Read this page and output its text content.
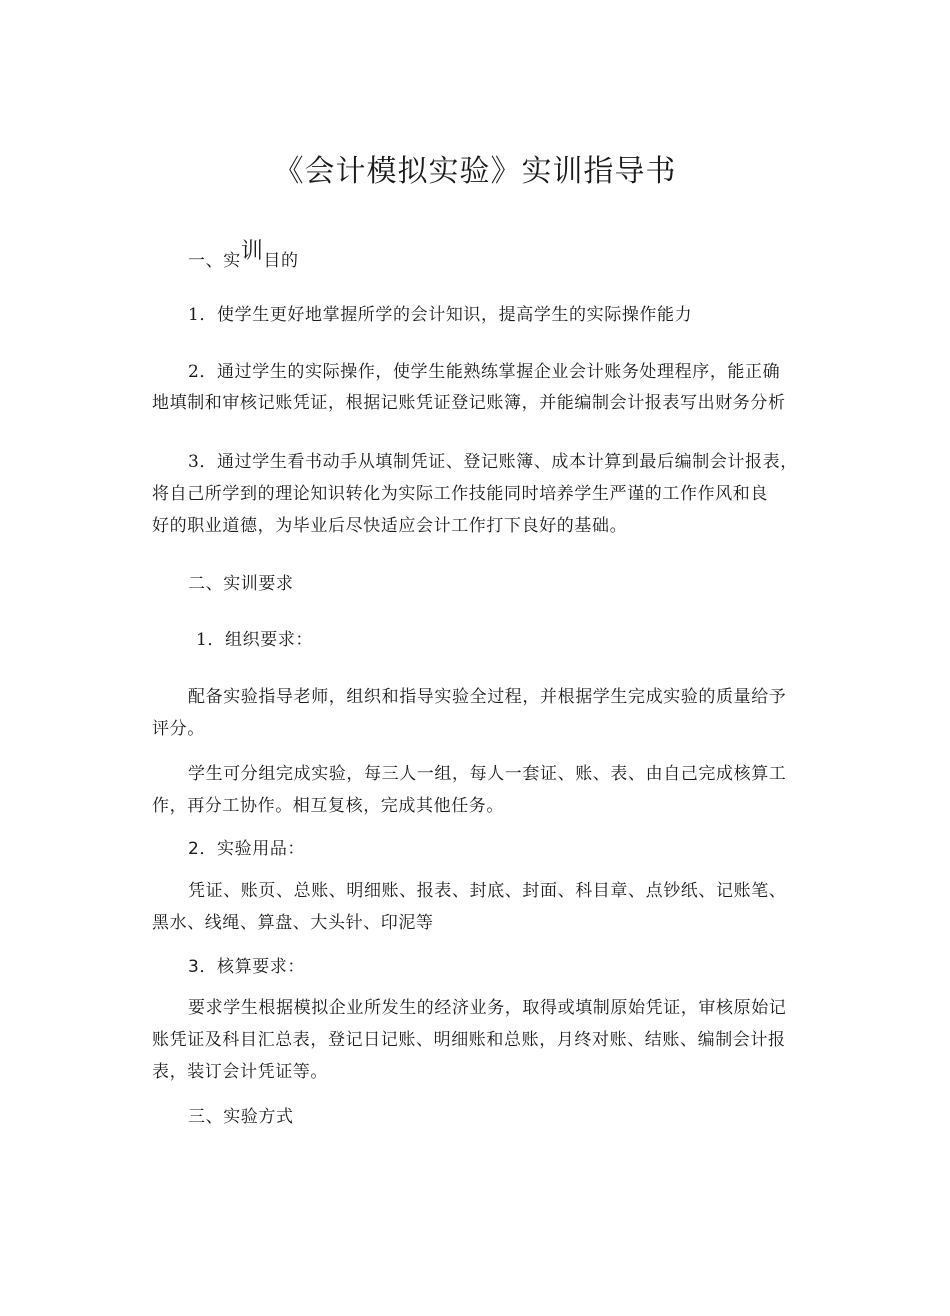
《会计模拟实验》实训指导书
一、实训目的
1．使学生更好地掌握所学的会计知识，提高学生的实际操作能力
2．通过学生的实际操作，使学生能熟练掌握企业会计账务处理程序，能正确
地填制和审核记账凭证，根据记账凭证登记账簿，并能编制会计报表写出财务分析
3．通过学生看书动手从填制凭证、登记账簿、成本计算到最后编制会计报表，
将自己所学到的理论知识转化为实际工作技能同时培养学生严谨的工作作风和良
好的职业道德，为毕业后尽快适应会计工作打下良好的基础。
二、实训要求
1．组织要求：
配备实验指导老师，组织和指导实验全过程，并根据学生完成实验的质量给予
评分。
学生可分组完成实验，每三人一组，每人一套证、账、表、由自己完成核算工
作，再分工协作。相互复核，完成其他任务。
2．实验用品：
凭证、账页、总账、明细账、报表、封底、封面、科目章、点钞纸、记账笔、
黑水、线绳、算盘、大头针、印泥等
3．核算要求：
要求学生根据模拟企业所发生的经济业务，取得或填制原始凭证，审核原始记
账凭证及科目汇总表，登记日记账、明细账和总账，月终对账、结账、编制会计报
表，装订会计凭证等。
三、实验方式
